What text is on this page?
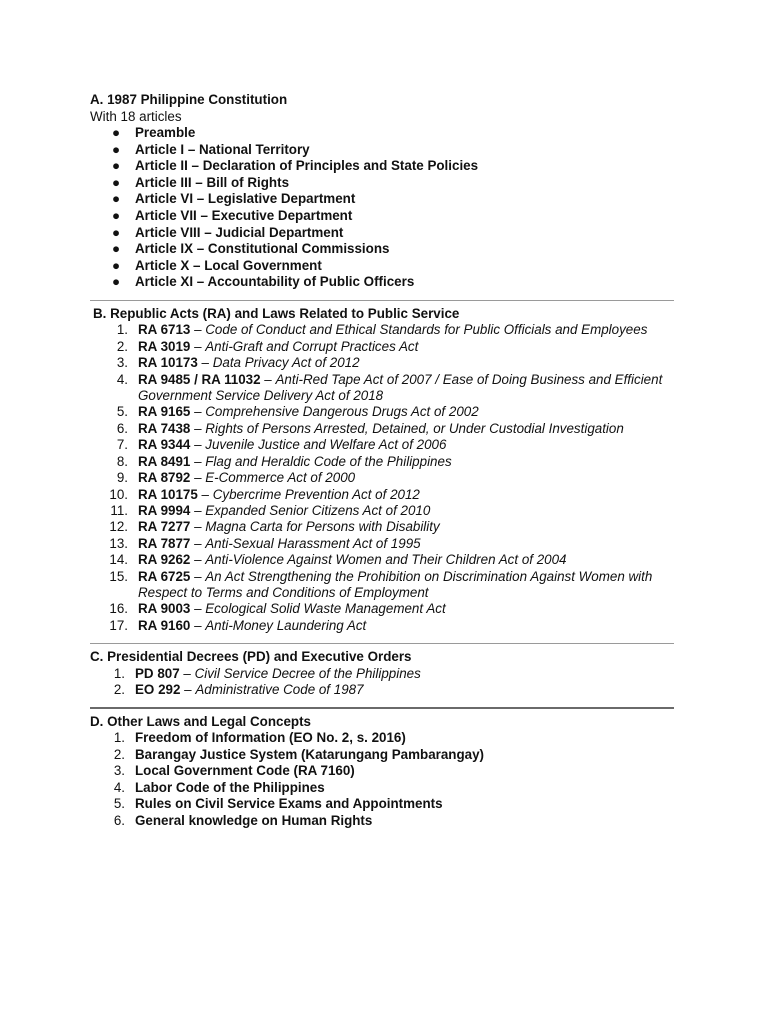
A. 1987 Philippine Constitution

With 18 articles

● Preamble
● Article I – National Territory
● Article II – Declaration of Principles and State Policies
● Article III – Bill of Rights
● Article VI – Legislative Department
● Article VII – Executive Department
● Article VIII – Judicial Department
● Article IX – Constitutional Commissions
● Article X – Local Government
● Article XI – Accountability of Public Officers

B. Republic Acts (RA) and Laws Related to Public Service

1. RA 6713 – Code of Conduct and Ethical Standards for Public Officials and Employees
2. RA 3019 – Anti-Graft and Corrupt Practices Act
3. RA 10173 – Data Privacy Act of 2012
4. RA 9485 / RA 11032 – Anti-Red Tape Act of 2007 / Ease of Doing Business and Efficient Government Service Delivery Act of 2018
5. RA 9165 – Comprehensive Dangerous Drugs Act of 2002
6. RA 7438 – Rights of Persons Arrested, Detained, or Under Custodial Investigation
7. RA 9344 – Juvenile Justice and Welfare Act of 2006
8. RA 8491 – Flag and Heraldic Code of the Philippines
9. RA 8792 – E-Commerce Act of 2000
10. RA 10175 – Cybercrime Prevention Act of 2012
11. RA 9994 – Expanded Senior Citizens Act of 2010
12. RA 7277 – Magna Carta for Persons with Disability
13. RA 7877 – Anti-Sexual Harassment Act of 1995
14. RA 9262 – Anti-Violence Against Women and Their Children Act of 2004
15. RA 6725 – An Act Strengthening the Prohibition on Discrimination Against Women with Respect to Terms and Conditions of Employment
16. RA 9003 – Ecological Solid Waste Management Act
17. RA 9160 – Anti-Money Laundering Act

C. Presidential Decrees (PD) and Executive Orders

1. PD 807 – Civil Service Decree of the Philippines
2. EO 292 – Administrative Code of 1987

D. Other Laws and Legal Concepts

1. Freedom of Information (EO No. 2, s. 2016)
2. Barangay Justice System (Katarungang Pambarangay)
3. Local Government Code (RA 7160)
4. Labor Code of the Philippines
5. Rules on Civil Service Exams and Appointments
6. General knowledge on Human Rights
